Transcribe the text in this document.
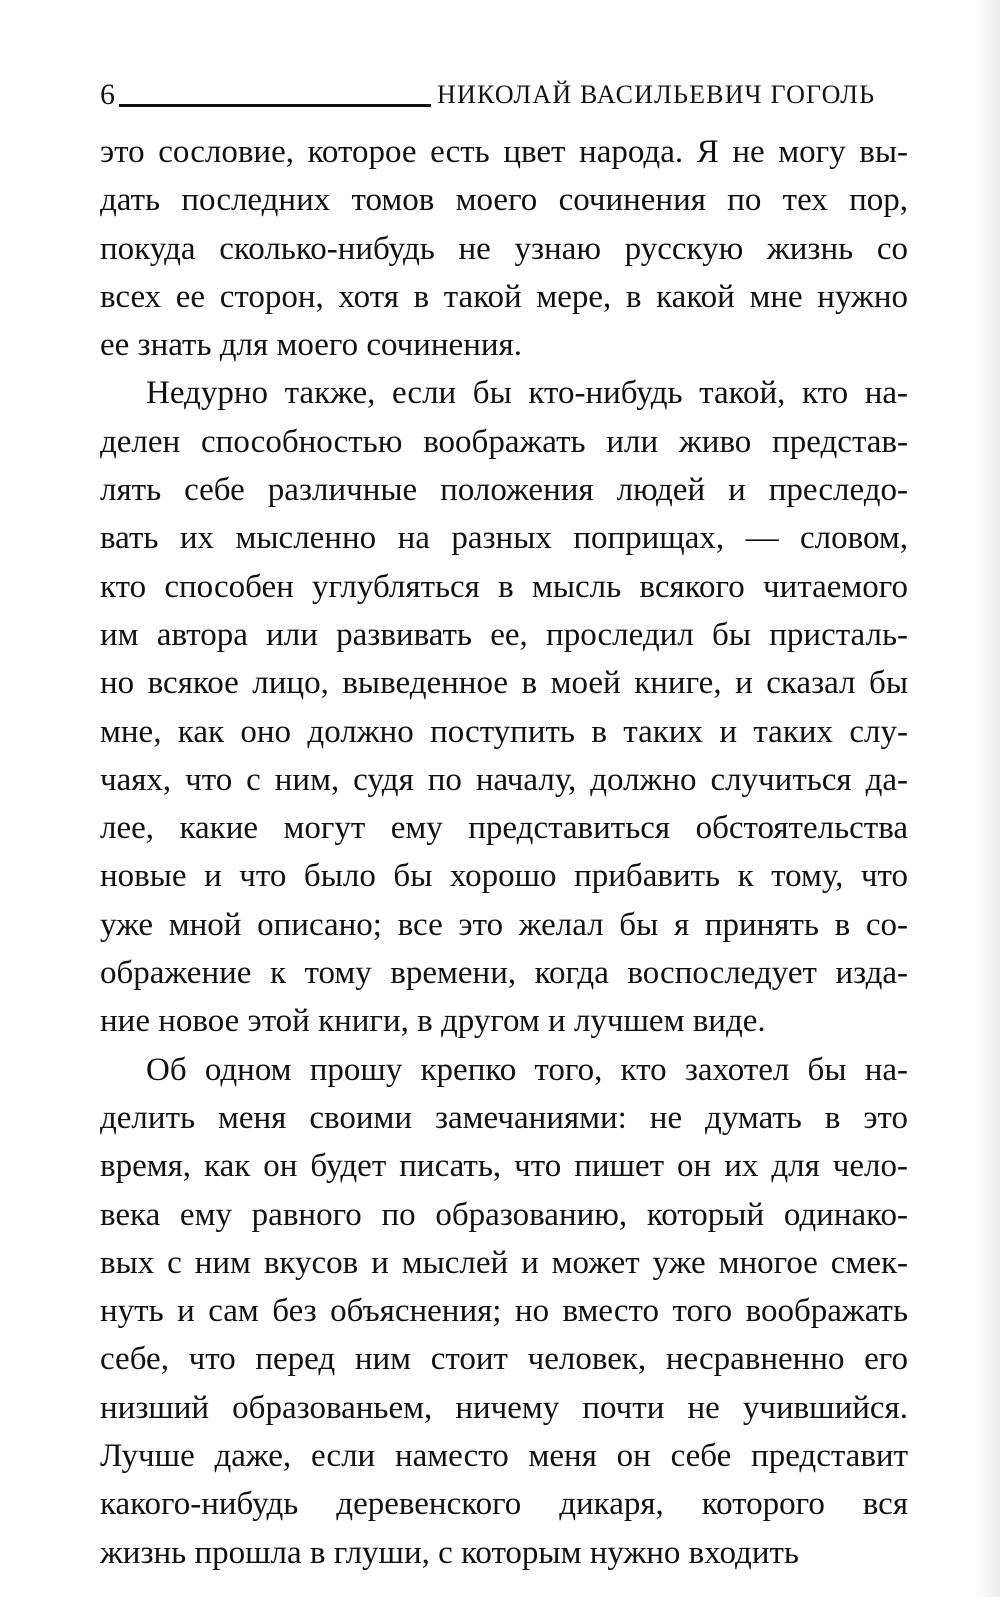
6	НИКОЛАЙ ВАСИЛЬЕВИЧ ГОГОЛЬ
это сословие, которое есть цвет народа. Я не могу вы-
дать последних томов моего сочинения по тех пор,
покуда сколько-нибудь не узнаю русскую жизнь со
всех ее сторон, хотя в такой мере, в какой мне нужно
ее знать для моего сочинения.
Недурно также, если бы кто-нибудь такой, кто на-
делен способностью воображать или живо представ-
лять себе различные положения людей и преследо-
вать их мысленно на разных поприщах, — словом,
кто способен углубляться в мысль всякого читаемого
им автора или развивать ее, проследил бы присталь-
но всякое лицо, выведенное в моей книге, и сказал бы
мне, как оно должно поступить в таких и таких слу-
чаях, что с ним, судя по началу, должно случиться да-
лее, какие могут ему представиться обстоятельства
новые и что было бы хорошо прибавить к тому, что
уже мной описано; все это желал бы я принять в со-
ображение к тому времени, когда воспоследует изда-
ние новое этой книги, в другом и лучшем виде.
Об одном прошу крепко того, кто захотел бы на-
делить меня своими замечаниями: не думать в это
время, как он будет писать, что пишет он их для чело-
века ему равного по образованию, который одинако-
вых с ним вкусов и мыслей и может уже многое смек-
нуть и сам без объяснения; но вместо того воображать
себе, что перед ним стоит человек, несравненно его
низший образованьем, ничему почти не учившийся.
Лучше даже, если наместо меня он себе представит
какого-нибудь деревенского дикаря, которого вся
жизнь прошла в глуши, с которым нужно входить
